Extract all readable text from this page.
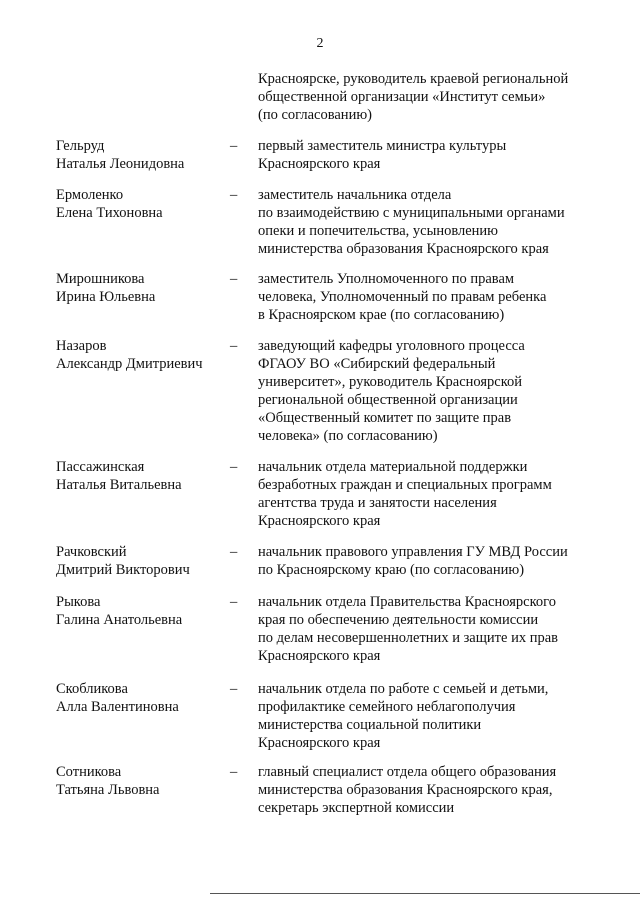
2
Красноярске, руководитель краевой региональной
общественной организации «Институт семьи»
(по согласованию)
Гельруд
Наталья Леонидовна
– первый заместитель министра культуры
Красноярского края
Ермоленко
Елена Тихоновна
– заместитель начальника отдела
по взаимодействию с муниципальными органами
опеки и попечительства, усыновлению
министерства образования Красноярского края
Мирошникова
Ирина Юльевна
– заместитель Уполномоченного по правам
человека, Уполномоченный по правам ребенка
в Красноярском крае (по согласованию)
Назаров
Александр Дмитриевич
– заведующий кафедры уголовного процесса
ФГАОУ ВО «Сибирский федеральный
университет», руководитель Красноярской
региональной общественной организации
«Общественный комитет по защите прав
человека» (по согласованию)
Пассажинская
Наталья Витальевна
– начальник отдела материальной поддержки
безработных граждан и специальных программ
агентства труда и занятости населения
Красноярского края
Рачковский
Дмитрий Викторович
– начальник правового управления ГУ МВД России
по Красноярскому краю (по согласованию)
Рыкова
Галина Анатольевна
– начальник отдела Правительства Красноярского
края по обеспечению деятельности комиссии
по делам несовершеннолетних и защите их прав
Красноярского края
Скобликова
Алла Валентиновна
– начальник отдела по работе с семьей и детьми,
профилактике семейного неблагополучия
министерства социальной политики
Красноярского края
Сотникова
Татьяна Львовна
– главный специалист отдела общего образования
министерства образования Красноярского края,
секретарь экспертной комиссии
